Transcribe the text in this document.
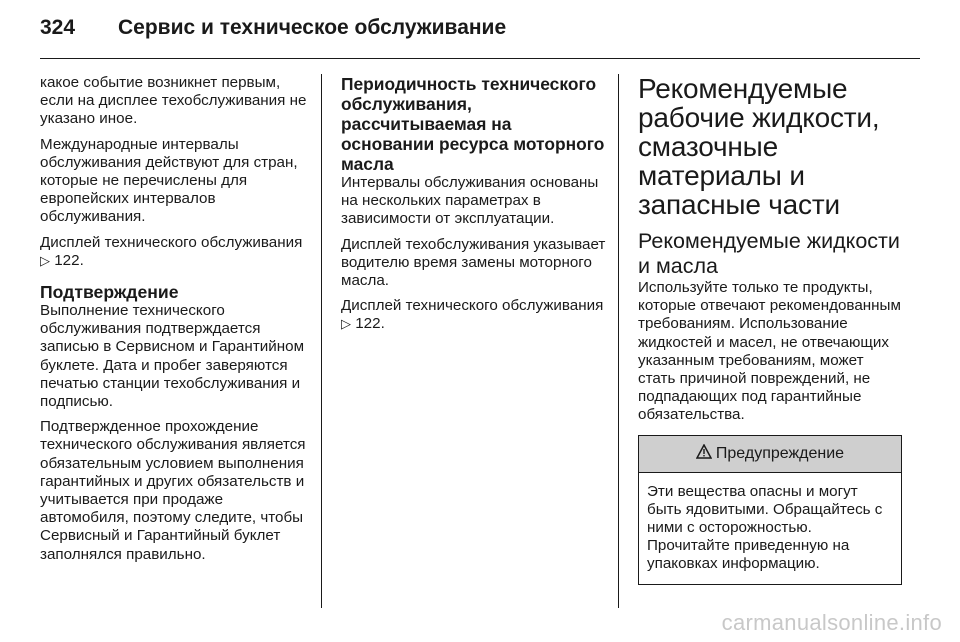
324	Сервис и техническое обслуживание

какое событие возникнет первым, если на дисплее техобслуживания не указано иное.

Международные интервалы обслуживания действуют для стран, которые не перечислены для европейских интервалов обслуживания.

Дисплей технического обслуживания ▷ 122.

Подтверждение

Выполнение технического обслуживания подтверждается записью в Сервисном и Гарантийном буклете. Дата и пробег заверяются печатью станции техобслуживания и подписью.

Подтвержденное прохождение технического обслуживания является обязательным условием выполнения гарантийных и других обязательств и учитывается при продаже автомобиля, поэтому следите, чтобы Сервисный и Гарантийный буклет заполнялся правильно.

Периодичность технического обслуживания, рассчитываемая на основании ресурса моторного масла

Интервалы обслуживания основаны на нескольких параметрах в зависимости от эксплуатации.

Дисплей техобслуживания указывает водителю время замены моторного масла.

Дисплей технического обслуживания ▷ 122.

Рекомендуемые рабочие жидкости, смазочные материалы и запасные части
Рекомендуемые жидкости и масла

Используйте только те продукты, которые отвечают рекомендованным требованиям. Использование жидкостей и масел, не отвечающих указанным требованиям, может стать причиной повреждений, не подпадающих под гарантийные обязательства.

Предупреждение

Эти вещества опасны и могут быть ядовитыми. Обращайтесь с ними с осторожностью. Прочитайте приведенную на упаковках информацию.

carmanualsonline.info
